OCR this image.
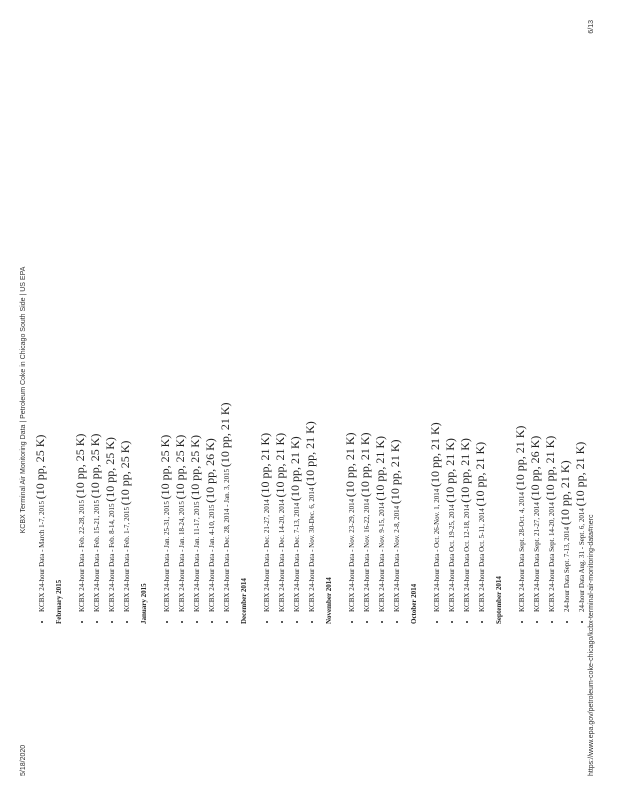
5/18/2020
KCBX Terminal Air Monitoring Data | Petroleum Coke in Chicago South Side | US EPA
• KCBX 24-hour Data - March 1-7, 2015 (10 pp, 25 K)
February 2015	• KCBX 24-hour Data - Feb. 22-28, 2015 (10 pp, 25 K)
• KCBX 24-hour Data - Feb. 15-21, 2015 (10 pp, 25 K)
• KCBX 24-hour Data - Feb. 8-14, 2015 (10 pp, 25 K)
• KCBX 24-hour Data - Feb. 1-7, 2015 (10 pp, 25 K)
January 2015	• KCBX 24-hour Data - Jan. 25-31, 2015 (10 pp, 25 K)
• KCBX 24-hour Data - Jan. 18-24, 2015 (10 pp, 25 K)
• KCBX 24-hour Data - Jan. 11-17, 2015 (10 pp, 25 K)
• KCBX 24-hour Data - Jan. 4-10, 2015 (10 pp, 26 K) • KCBX 24-hour Data - Dec. 28, 2014 - Jan. 3, 2015 (10 pp, 21 K)
December 2014	• KCBX 24-hour Data - Dec. 21-27, 2014 (10 pp, 21 K)
• KCBX 24-hour Data - Dec. 14-20, 2014 (10 pp, 21 K)
• KCBX 24-hour Data - Dec. 7-13, 2014 (10 pp, 21 K)
• KCBX 24-hour Data - Nov. 30-Dec. 6, 2014 (10 pp, 21 K)
November 2014	• KCBX 24-hour Data - Nov. 23-29, 2014 (10 pp, 21 K)
• KCBX 24-hour Data - Nov. 16-22, 2014 (10 pp, 21 K)
• KCBX 24-hour Data - Nov. 9-15, 2014 (10 pp, 21 K)
• KCBX 24-hour Data - Nov. 2-8, 2014 (10 pp, 21 K)
October 2014	• KCBX 24-hour Data - Oct. 26-Nov. 1, 2014 (10 pp, 21 K)
• KCBX 24-hour Data Oct. 19-25, 2014 (10 pp, 21 K)
• KCBX 24-hour Data Oct. 12-18, 2014 (10 pp, 21 K)
• KCBX 24-hour Data Oct. 5-11, 2014 (10 pp, 21 K)
September 2014	• KCBX 24-hour Data Sept. 28-Oct. 4, 2014 (10 pp, 21 K)
• KCBX 24-hour Data Sept. 21-27, 2014 (10 pp, 26 K)
• KCBX 24-hour Data Sept. 14-20, 2014 (10 pp, 21 K)
• 24-hour Data Sept. 7-13, 2014 (10 pp, 21 K)
• 24-hour Data Aug. 31 - Sept. 6, 2014 (10 pp, 21 K)
https://www.epa.gov/petroleum-coke-chicago/kcbx-terminal-air-monitoring-data#nerc
6/13
